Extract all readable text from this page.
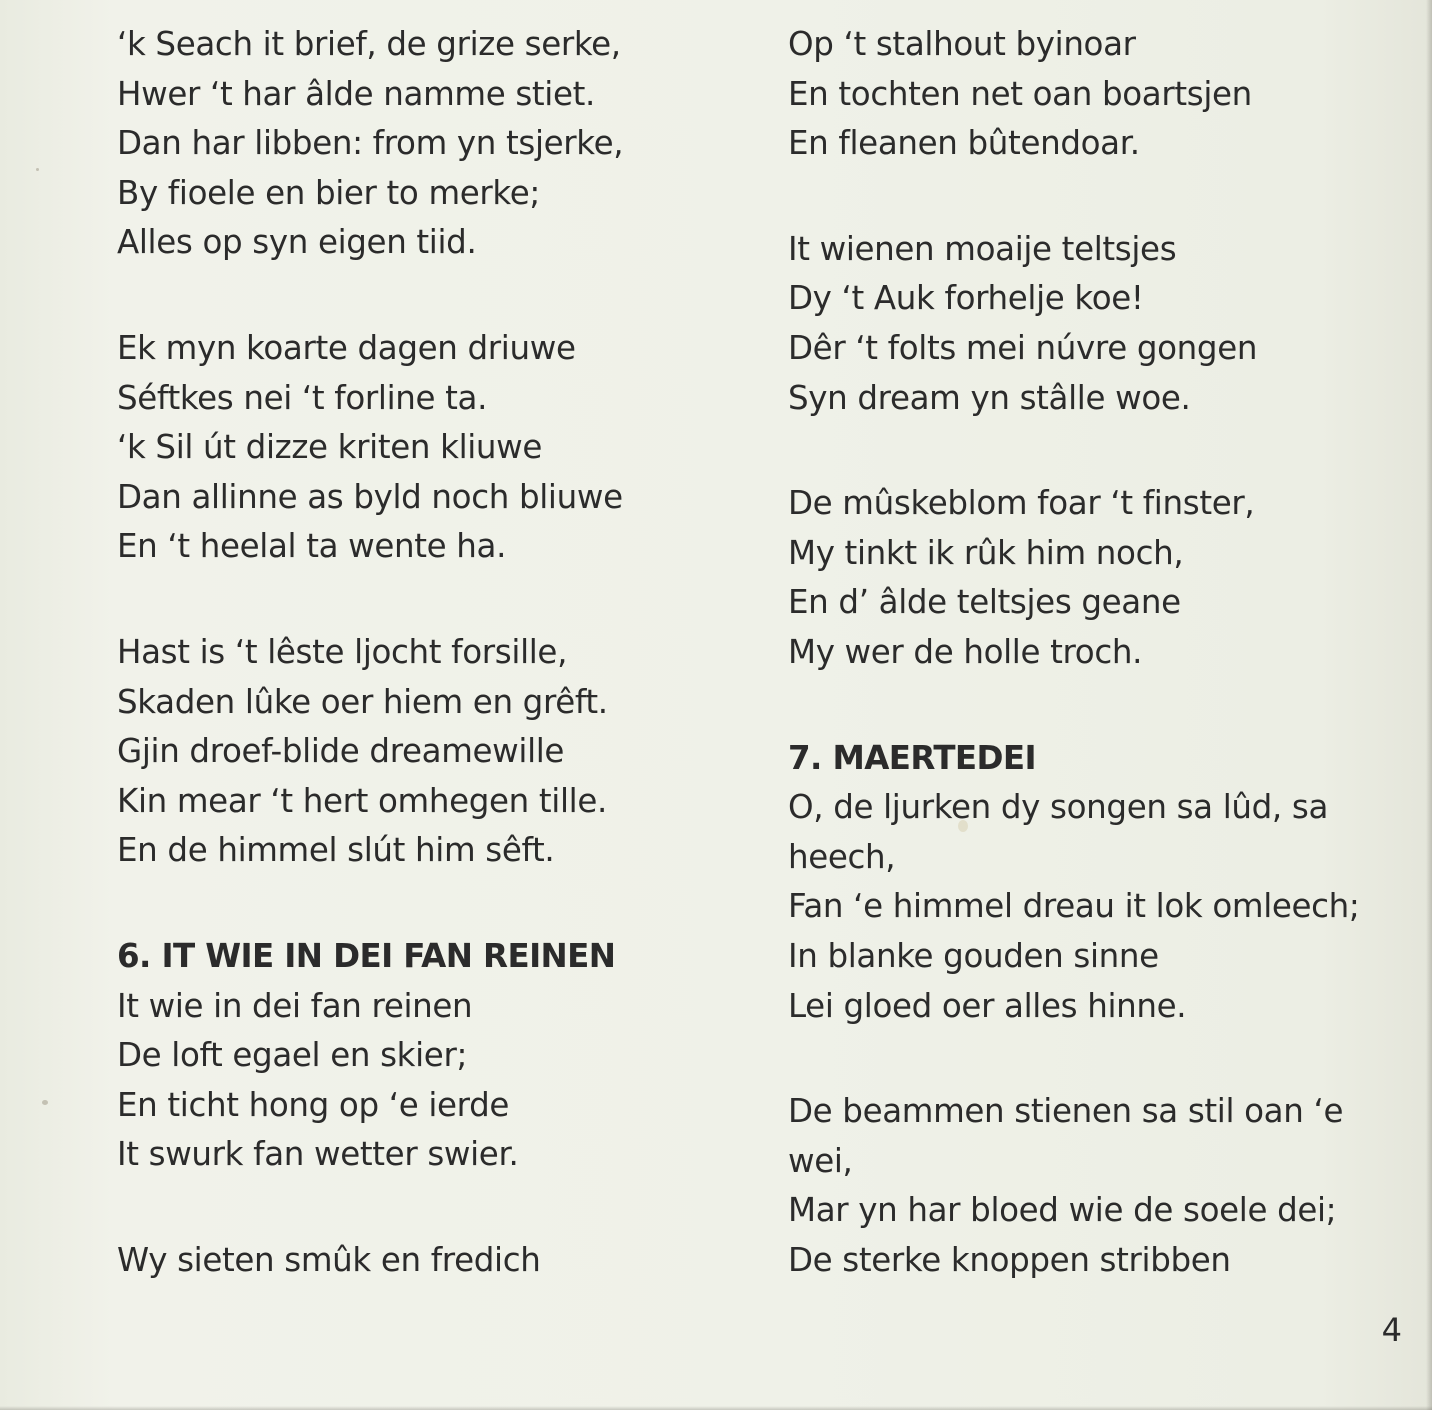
‘k Seach it brief, de grize serke,
Hwer ‘t har âlde namme stiet.
Dan har libben: from yn tsjerke,
By fioele en bier to merke;
Alles op syn eigen tiid.
Ek myn koarte dagen driuwe
Séftkes nei ‘t forline ta.
‘k Sil út dizze kriten kliuwe
Dan allinne as byld noch bliuwe
En ‘t heelal ta wente ha.
Hast is ‘t lêste ljocht forsille,
Skaden lûke oer hiem en grêft.
Gjin droef-blide dreamewille
Kin mear ‘t hert omhegen tille.
En de himmel slút him sêft.
6. IT WIE IN DEI FAN REINEN
It wie in dei fan reinen
De loft egael en skier;
En ticht hong op ‘e ierde
It swurk fan wetter swier.
Wy sieten smûk en fredich
Op ‘t stalhout byinoar
En tochten net oan boartsjen
En fleanen bûtendoar.
It wienen moaije teltsjes
Dy ‘t Auk forhelje koe!
Dêr ‘t folts mei núvre gongen
Syn dream yn stâlle woe.
De mûskeblom foar ‘t finster,
My tinkt ik rûk him noch,
En d’ âlde teltsjes geane
My wer de holle troch.
7. MAERTEDEI
O, de ljurken dy songen sa lûd, sa
heech,
Fan ‘e himmel dreau it lok omleech;
In blanke gouden sinne
Lei gloed oer alles hinne.
De beammen stienen sa stil oan ‘e
wei,
Mar yn har bloed wie de soele dei;
De sterke knoppen stribben
4
